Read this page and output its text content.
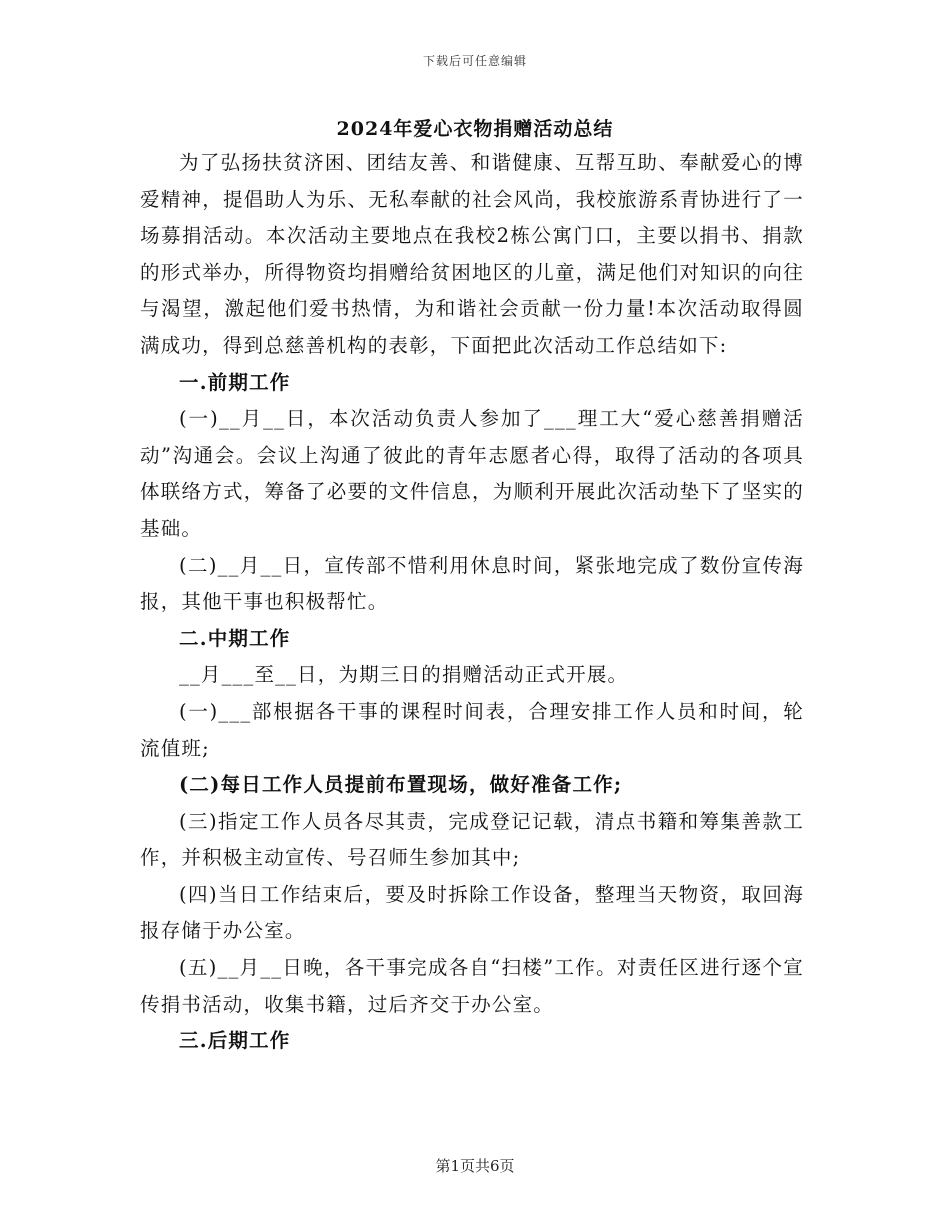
下载后可任意编辑
2024年爱心衣物捐赠活动总结

为了弘扬扶贫济困、团结友善、和谐健康、互帮互助、奉献爱心的博爱精神，提倡助人为乐、无私奉献的社会风尚，我校旅游系青协进行了一场募捐活动。本次活动主要地点在我校2栋公寓门口，主要以捐书、捐款的形式举办，所得物资均捐赠给贫困地区的儿童，满足他们对知识的向往与渴望，激起他们爱书热情，为和谐社会贡献一份力量!本次活动取得圆满成功，得到总慈善机构的表彰，下面把此次活动工作总结如下:

一.前期工作

(一)__月__日，本次活动负责人参加了___理工大“爱心慈善捐赠活动”沟通会。会议上沟通了彼此的青年志愿者心得，取得了活动的各项具体联络方式，筹备了必要的文件信息，为顺利开展此次活动垫下了坚实的基础。

(二)__月__日，宣传部不惜利用休息时间，紧张地完成了数份宣传海报，其他干事也积极帮忙。

二.中期工作

__月___至__日，为期三日的捐赠活动正式开展。

(一)___部根据各干事的课程时间表，合理安排工作人员和时间，轮流值班;

(二)每日工作人员提前布置现场，做好准备工作;

(三)指定工作人员各尽其责，完成登记记载，清点书籍和筹集善款工作，并积极主动宣传、号召师生参加其中;

(四)当日工作结束后，要及时拆除工作设备，整理当天物资，取回海报存储于办公室。

(五)__月__日晚，各干事完成各自“扫楼”工作。对责任区进行逐个宣传捐书活动，收集书籍，过后齐交于办公室。

三.后期工作

第1页共6页
